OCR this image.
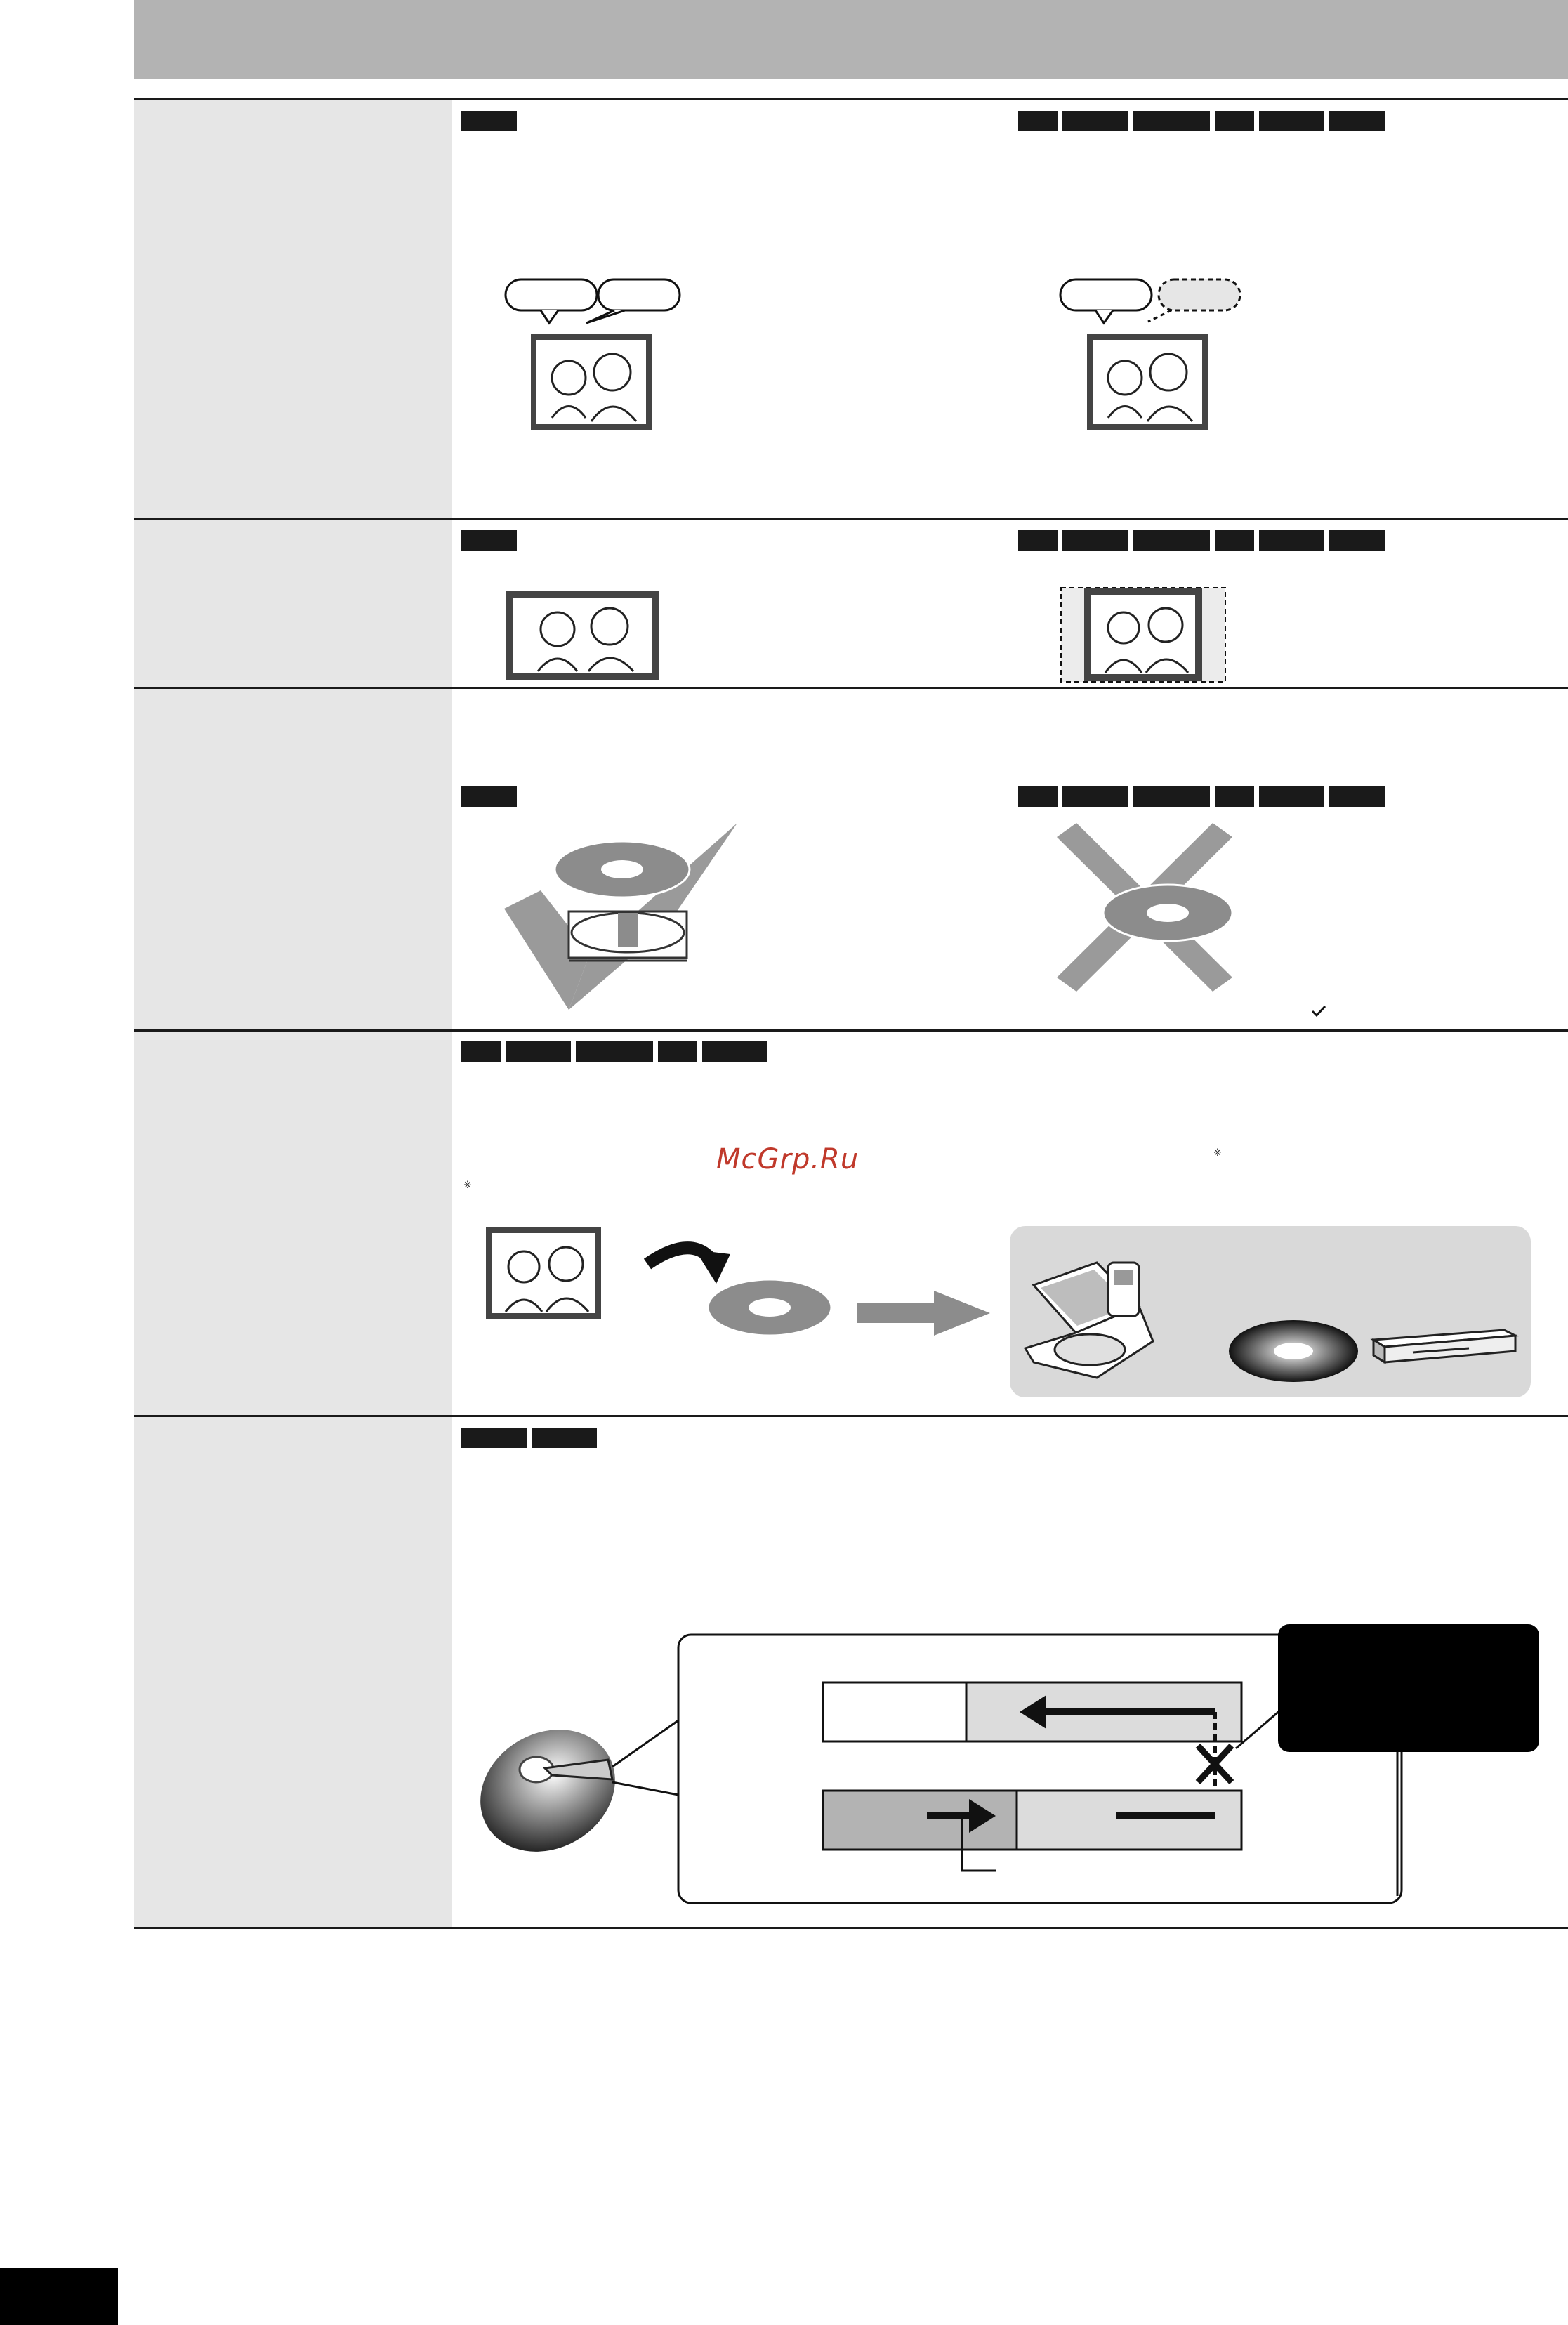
McGrp.Ru	※
※
